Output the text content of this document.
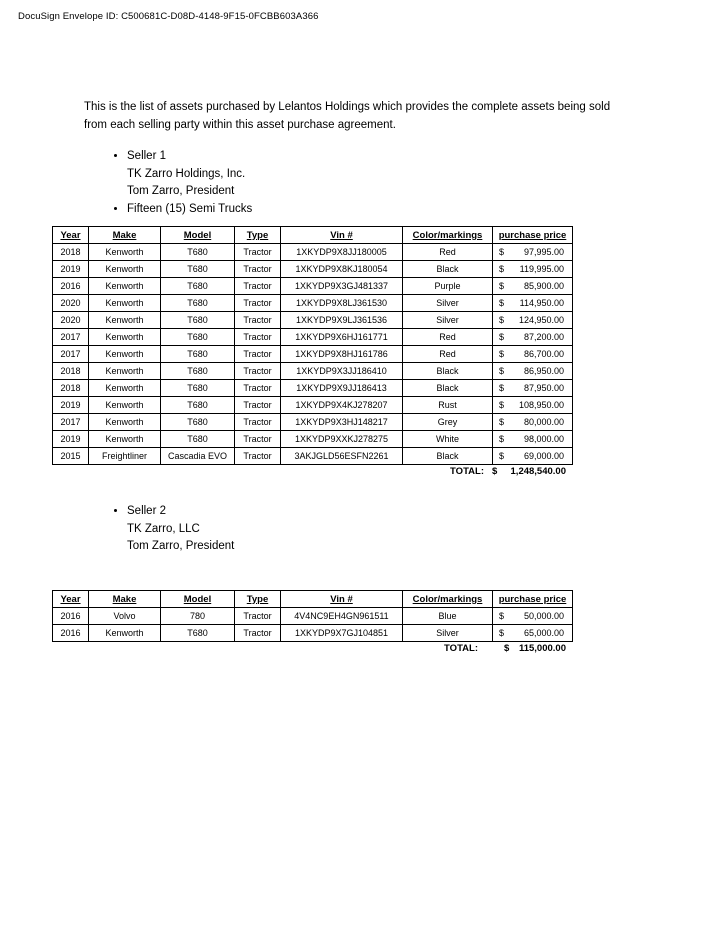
DocuSign Envelope ID: C500681C-D08D-4148-9F15-0FCBB603A366

This is the list of assets purchased by Lelantos Holdings which provides the complete assets being sold from each selling party within this asset purchase agreement.

• Seller 1
TK Zarro Holdings, Inc.
Tom Zarro, President
• Fifteen (15) Semi Trucks
Year	Make	Model	Type	Vin #	Color/markings	purchase price
2018	Kenworth	T680	Tractor	1XKYDP9X8JJ180005	Red	$ 97,995.00

2019	Kenworth	T680	Tractor	1XKYDP9X8KJ180054	Black	$ 119,995.00

2016	Kenworth	T680	Tractor	1XKYDP9X3GJ481337	Purple	$ 85,900.00

2020	Kenworth	T680	Tractor	1XKYDP9X8LJ361530	Silver	$ 114,950.00

2020	Kenworth	T680	Tractor	1XKYDP9X9LJ361536	Silver	$ 124,950.00

2017	Kenworth	T680	Tractor	1XKYDP9X6HJ161771	Red	$ 87,200.00

2017	Kenworth	T680	Tractor	1XKYDP9X8HJ161786	Red	$ 86,700.00

2018	Kenworth	T680	Tractor	1XKYDP9X3JJ186410	Black	$ 86,950.00

2018	Kenworth	T680	Tractor	1XKYDP9X9JJ186413	Black	$ 87,950.00

2019	Kenworth	T680	Tractor	1XKYDP9X4KJ278207	Rust	$ 108,950.00

2017	Kenworth	T680	Tractor	1XKYDP9X3HJ148217	Grey	$ 80,000.00

2019	Kenworth	T680	Tractor	1XKYDP9XXKJ278275	White	$ 98,000.00

2015	Freightliner	Cascadia EVO	Tractor	3AKJGLD56ESFN2261	Black	$ 69,000.00
TOTAL: $ 1,248,540.00
• Seller 2
TK Zarro, LLC
Tom Zarro, President
Year	Make	Model	Type	Vin #	Color/markings	purchase price
2016	Volvo	780	Tractor	4V4NC9EH4GN961511	Blue	$ 50,000.00

2016	Kenworth	T680	Tractor	1XKYDP9X7GJ104851	Silver	$ 65,000.00
TOTAL:	$ 115,000.00
